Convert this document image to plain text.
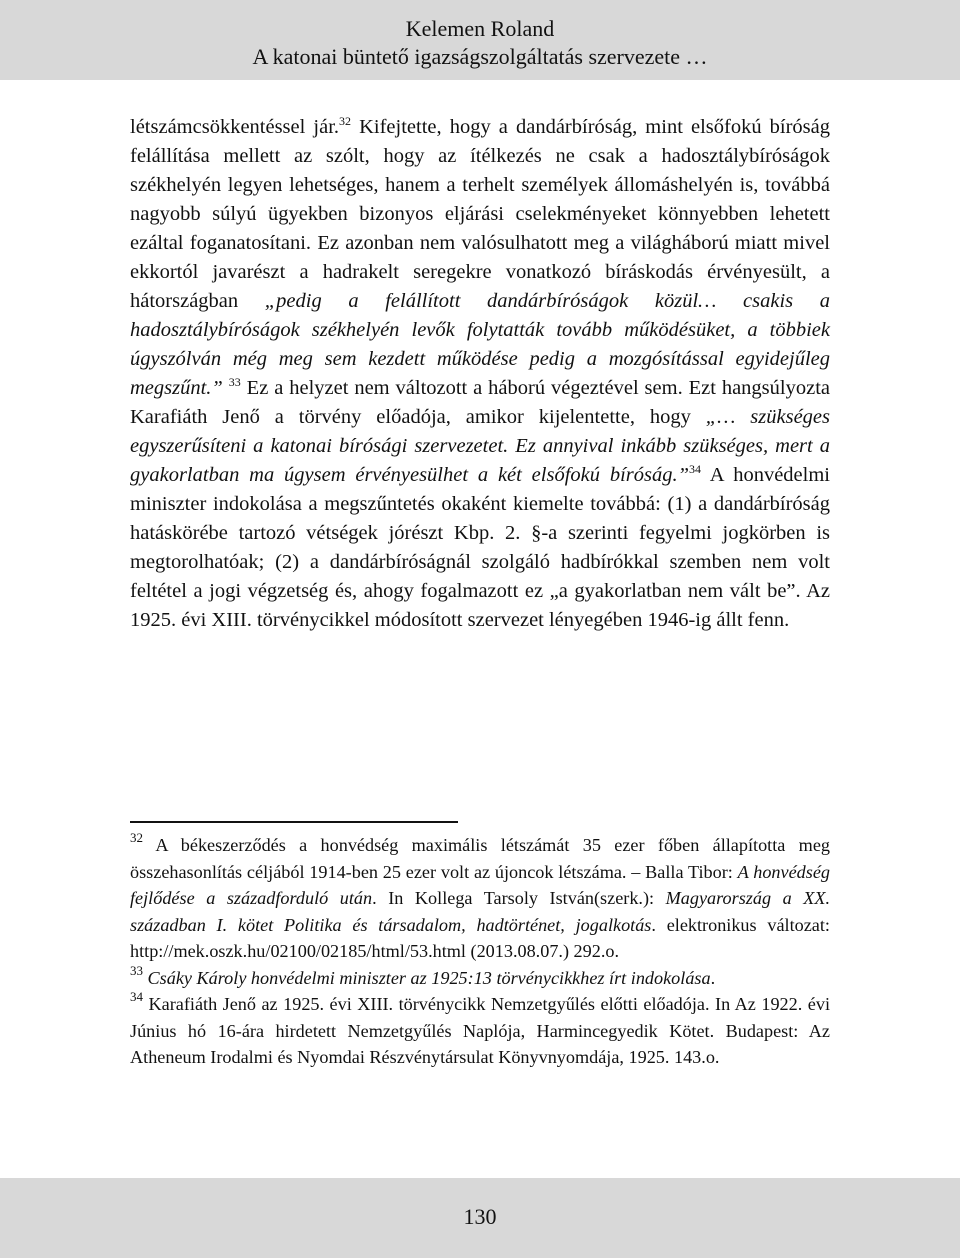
Kelemen Roland
A katonai büntető igazságszolgáltatás szervezete …

létszámcsökkentéssel jár.$^{32}$ Kifejtette, hogy a dandárbíróság, mint elsőfokú bíróság felállítása mellett az szólt, hogy az ítélkezés ne csak a hadosztálybíróságok székhelyén legyen lehetséges, hanem a terhelt személyek állomáshelyén is, továbbá nagyobb súlyú ügyekben bizonyos eljárási cselekményeket könnyebben lehetett ezáltal foganatosítani. Ez azonban nem valósulhatott meg a világháború miatt mivel ekkortól javarészt a hadrakelt seregekre vonatkozó bíráskodás érvényesült, a hátországban „pedig a felállított dandárbíróságok közül… csakis a hadosztálybíróságok székhelyén levők folytatták tovább működésüket, a többiek úgyszólván még meg sem kezdett működése pedig a mozgósítással egyidejűleg megszűnt.” $^{33}$ Ez a helyzet nem változott a háború végeztével sem. Ezt hangsúlyozta Karafiáth Jenő a törvény előadója, amikor kijelentette, hogy „… szükséges egyszerűsíteni a katonai bírósági szervezetet. Ez annyival inkább szükséges, mert a gyakorlatban ma úgysem érvényesülhet a két elsőfokú bíróság.”$^{34}$ A honvédelmi miniszter indokolása a megszűntetés okaként kiemelte továbbá: (1) a dandárbíróság hatáskörébe tartozó vétségek jórészt Kbp. 2. §-a szerinti fegyelmi jogkörben is megtorolhatóak; (2) a dandárbíróságnál szolgáló hadbírókkal szemben nem volt feltétel a jogi végzetség és, ahogy fogalmazott ez „a gyakorlatban nem vált be”. Az 1925. évi XIII. törvénycikkel módosított szervezet lényegében 1946-ig állt fenn.

$^{32}$ A békeszerződés a honvédség maximális létszámát 35 ezer főben állapította meg összehasonlítás céljából 1914-ben 25 ezer volt az újoncok létszáma. – Balla Tibor: A honvédség fejlődése a századforduló után. In Kollega Tarsoly István(szerk.): Magyarország a XX. században I. kötet Politika és társadalom, hadtörténet, jogalkotás. elektronikus változat: http://mek.oszk.hu/02100/02185/html/53.html (2013.08.07.) 292.o.

$^{33}$ Csáky Károly honvédelmi miniszter az 1925:13 törvénycikkhez írt indokolása.

$^{34}$ Karafiáth Jenő az 1925. évi XIII. törvénycikk Nemzetgyűlés előtti előadója. In Az 1922. évi Június hó 16-ára hirdetett Nemzetgyűlés Naplója, Harmincegyedik Kötet. Budapest: Az Atheneum Irodalmi és Nyomdai Részvénytársulat Könyvnyomdája, 1925. 143.o.

130
